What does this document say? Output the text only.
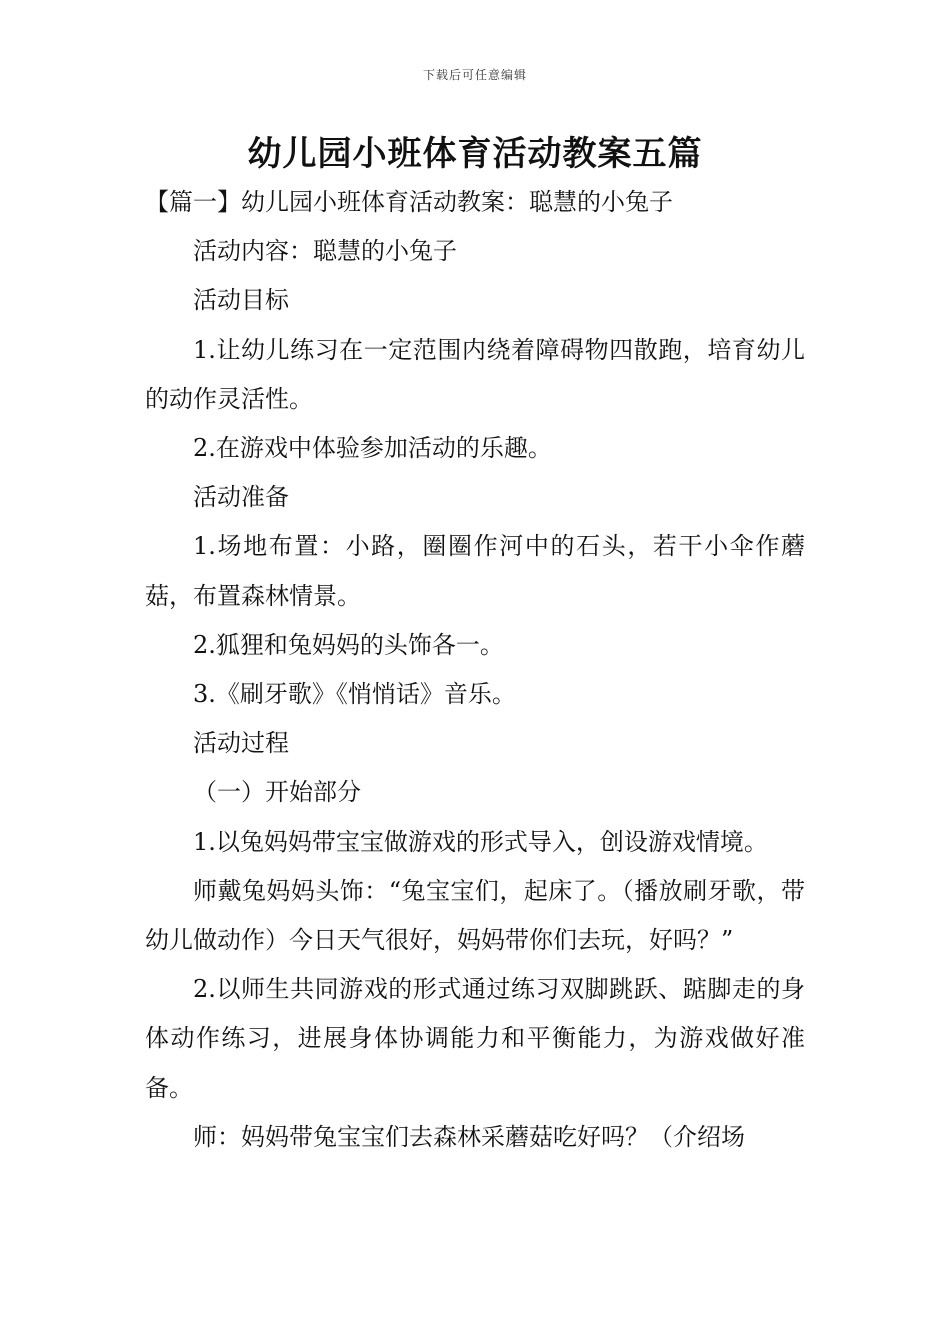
下载后可任意编辑
幼儿园小班体育活动教案五篇

【篇一】幼儿园小班体育活动教案：聪慧的小兔子

活动内容：聪慧的小兔子

活动目标

1.让幼儿练习在一定范围内绕着障碍物四散跑，培育幼儿的动作灵活性。

2.在游戏中体验参加活动的乐趣。

活动准备

1.场地布置：小路，圈圈作河中的石头，若干小伞作蘑菇，布置森林情景。

2.狐狸和兔妈妈的头饰各一。

3.《刷牙歌》《悄悄话》音乐。

活动过程

（一）开始部分

1.以兔妈妈带宝宝做游戏的形式导入，创设游戏情境。

师戴兔妈妈头饰：“兔宝宝们，起床了。（播放刷牙歌，带幼儿做动作）今日天气很好，妈妈带你们去玩，好吗？”

2.以师生共同游戏的形式通过练习双脚跳跃、踮脚走的身体动作练习，进展身体协调能力和平衡能力，为游戏做好准备。

师：妈妈带兔宝宝们去森林采蘑菇吃好吗？（介绍场
